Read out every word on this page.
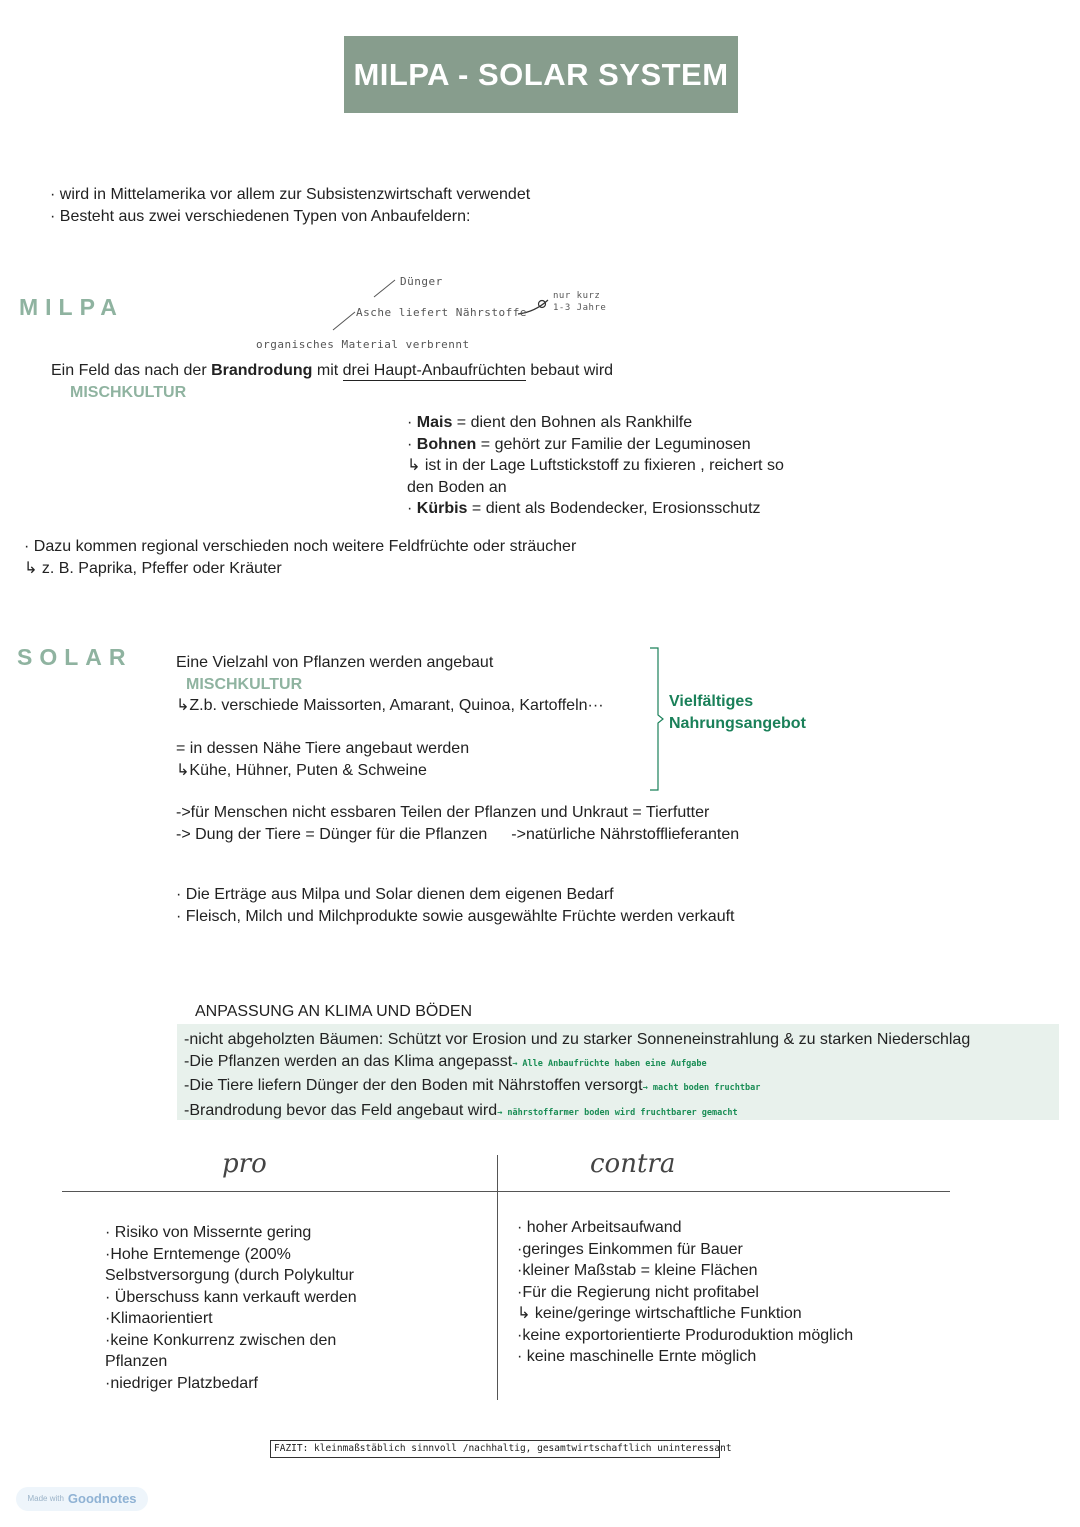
MILPA - SOLAR SYSTEM
· wird in Mittelamerika vor allem zur Subsistenzwirtschaft verwendet
· Besteht aus zwei verschiedenen Typen von Anbaufeldern:
MILPA
Dünger
Asche liefert Nährstoffe
nur kurz
1-3 Jahre
organisches Material verbrennt
Ein Feld das nach der Brandrodung mit drei Haupt-Anbaufrüchten bebaut wird
MISCHKULTUR
· Mais = dient den Bohnen als Rankhilfe
· Bohnen = gehört zur Familie der Leguminosen
↳ ist in der Lage Luftstickstoff zu fixieren , reichert so
den Boden an
· Kürbis = dient als Bodendecker, Erosionsschutz
· Dazu kommen regional verschieden noch weitere Feldfrüchte oder sträucher
↳ z. B. Paprika, Pfeffer oder Kräuter
SOLAR	Eine Vielzahl von Pflanzen werden angebaut
MISCHKULTUR
↳Z.b. verschiede Maissorten, Amarant, Quinoa, Kartoffeln···
= in dessen Nähe Tiere angebaut werden
↳Kühe, Hühner, Puten & Schweine
Vielfältiges
Nahrungsangebot
->für Menschen nicht essbaren Teilen der Pflanzen und Unkraut = Tierfutter
-> Dung der Tiere = Dünger für die Pflanzen ->natürliche Nährstofflieferanten
· Die Erträge aus Milpa und Solar dienen dem eigenen Bedarf
· Fleisch, Milch und Milchprodukte sowie ausgewählte Früchte werden verkauft
ANPASSUNG AN KLIMA UND BÖDEN
-nicht abgeholzten Bäumen: Schützt vor Erosion und zu starker Sonneneinstrahlung & zu starken Niederschlag
-Die Pflanzen werden an das Klima angepasst→ Alle Anbaufrüchte haben eine Aufgabe
-Die Tiere liefern Dünger der den Boden mit Nährstoffen versorgt→ macht boden fruchtbar
-Brandrodung bevor das Feld angebaut wird→ nährstoffarmer boden wird fruchtbarer gemacht
pro	contra
· Risiko von Missernte gering
·Hohe Erntemenge (200%
Selbstversorgung (durch Polykultur
· Überschuss kann verkauft werden
·Klimaorientiert
·keine Konkurrenz zwischen den
Pflanzen
·niedriger Platzbedarf
· hoher Arbeitsaufwand
·geringes Einkommen für Bauer
·kleiner Maßstab = kleine Flächen
·Für die Regierung nicht profitabel
↳ keine/geringe wirtschaftliche Funktion
·keine exportorientierte Produroduktion möglich
· keine maschinelle Ernte möglich
FAZIT: kleinmaßstäblich sinnvoll /nachhaltig, gesamtwirtschaftlich uninteressant
Made with Goodnotes
